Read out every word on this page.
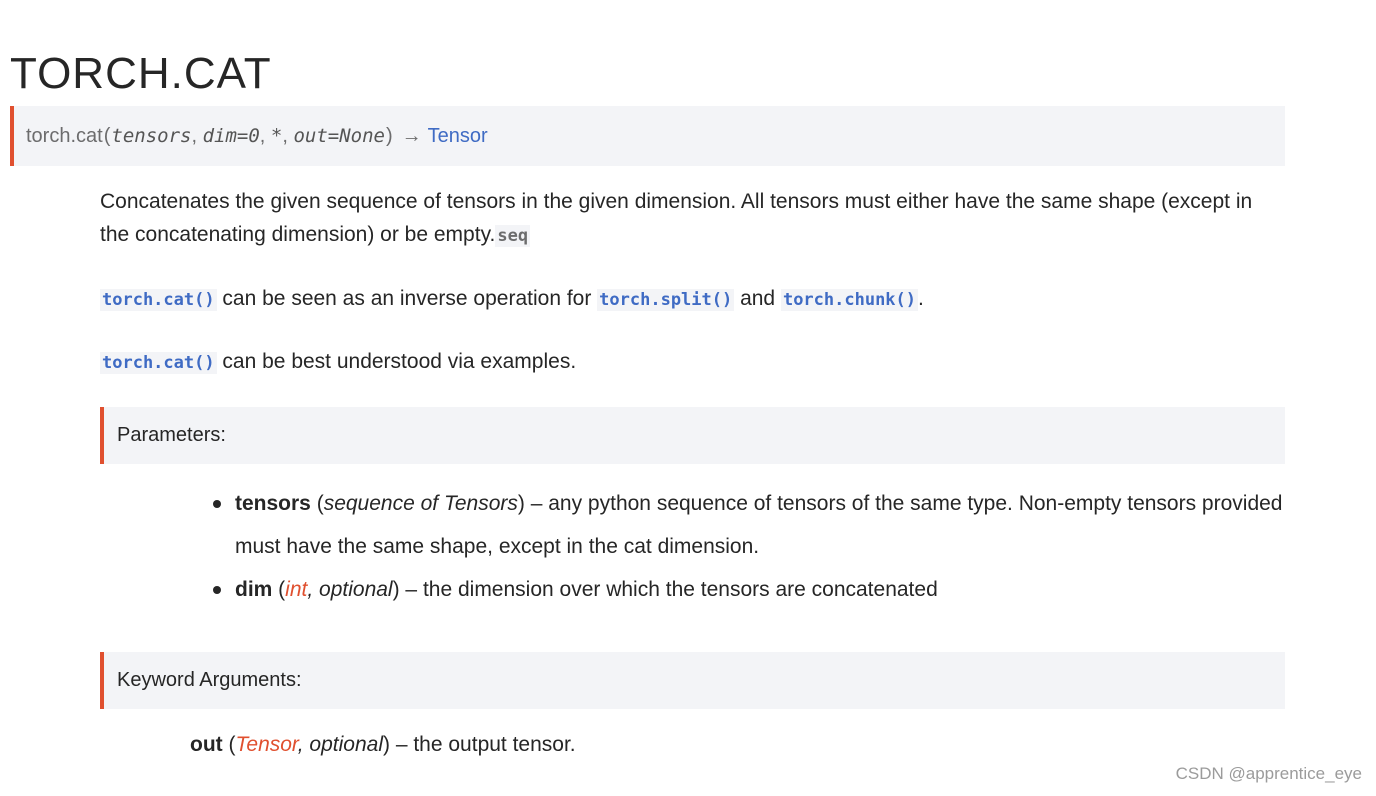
TORCH.CAT
torch.cat ( tensors , dim=0 , * , out=None ) → Tensor
Concatenates the given sequence of tensors in the given dimension. All tensors must either have the same shape (except in the concatenating dimension) or be empty. seq
torch.cat() can be seen as an inverse operation for torch.split() and torch.chunk().
torch.cat() can be best understood via examples.
Parameters:
tensors (sequence of Tensors) – any python sequence of tensors of the same type. Non-empty tensors provided must have the same shape, except in the cat dimension.
dim (int, optional) – the dimension over which the tensors are concatenated
Keyword Arguments:
out (Tensor, optional) – the output tensor.
CSDN @apprentice_eye
